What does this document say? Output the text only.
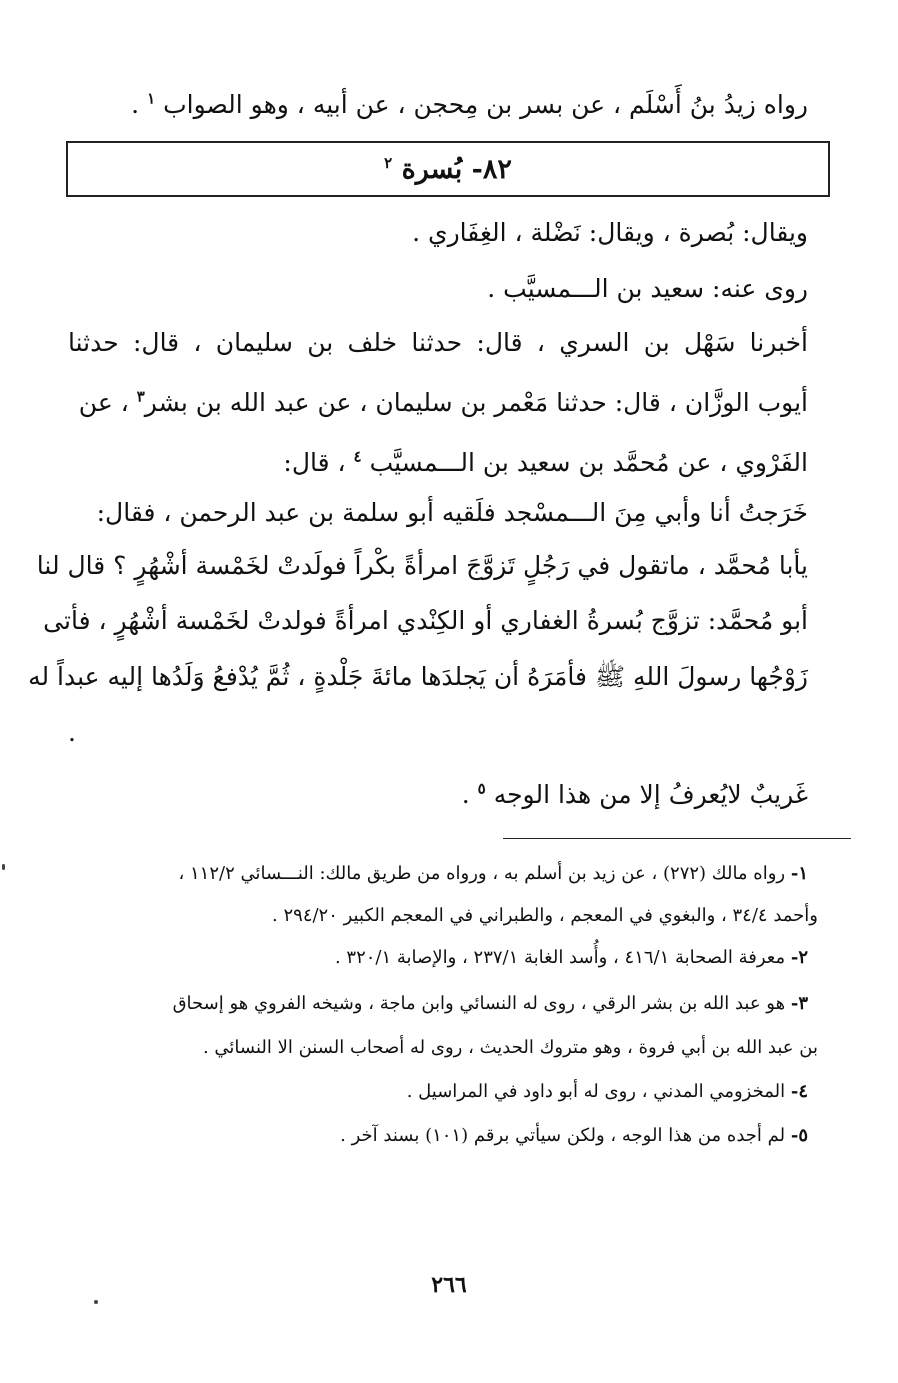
رواه زيدُ بنُ أَسْلَم ، عن بسر بن مِحجن ، عن أبيه ، وهو الصواب $^١$ .
٨٢- بُسرة $^٢$
ويقال: بُصرة ، ويقال: نَضْلة ، الغِفَاري .
روى عنه: سعيد بن الـــمسيَّب .
أخبرنا سَهْل بن السري ، قال: حدثنا خلف بن سليمان ، قال: حدثنا
أيوب الوزَّان ، قال: حدثنا مَعْمر بن سليمان ، عن عبد الله بن بشر$^٣$ ، عن
الفَرْوي ، عن مُحمَّد بن سعيد بن الـــمسيَّب $^٤$ ، قال:
خَرَجتُ أنا وأبي مِنَ الـــمسْجد فلَقيه أبو سلمة بن عبد الرحمن ، فقال:
يأبا مُحمَّد ، ماتقول في رَجُلٍ تَزوَّجَ امرأةً بكْراً فولَدتْ لخَمْسة أشْهُرٍ ؟ قال لنا
أبو مُحمَّد: تزوَّج بُسرةُ الغفاري أو الكِنْدي امرأةً فولدتْ لخَمْسة أشْهُرٍ ، فأتى
زَوْجُها رسولَ اللهِ ﷺ فأمَرَهُ أن يَجلدَها مائةَ جَلْدةٍ ، ثُمَّ يُدْفعُ وَلَدُها إليه عبداً له
.
غَريبٌ لايُعرفُ إلا من هذا الوجه $^٥$ .
١- رواه مالك (٢٧٢) ، عن زيد بن أسلم به ، ورواه من طريق مالك: النـــسائي ١١٢/٢ ،
وأحمد ٣٤/٤ ، والبغوي في المعجم ، والطبراني في المعجم الكبير ٢٩٤/٢٠ .
٢- معرفة الصحابة ٤١٦/١ ، وأُسد الغابة ٢٣٧/١ ، والإصابة ٣٢٠/١ .
٣- هو عبد الله بن بشر الرقي ، روى له النسائي وابن ماجة ، وشيخه الفروي هو إسحاق
بن عبد الله بن أبي فروة ، وهو متروك الحديث ، روى له أصحاب السنن الا النسائي .
٤- المخزومي المدني ، روى له أبو داود في المراسيل .
٥- لم أجده من هذا الوجه ، ولكن سيأتي برقم (١٠١) بسند آخر .
٢٦٦
